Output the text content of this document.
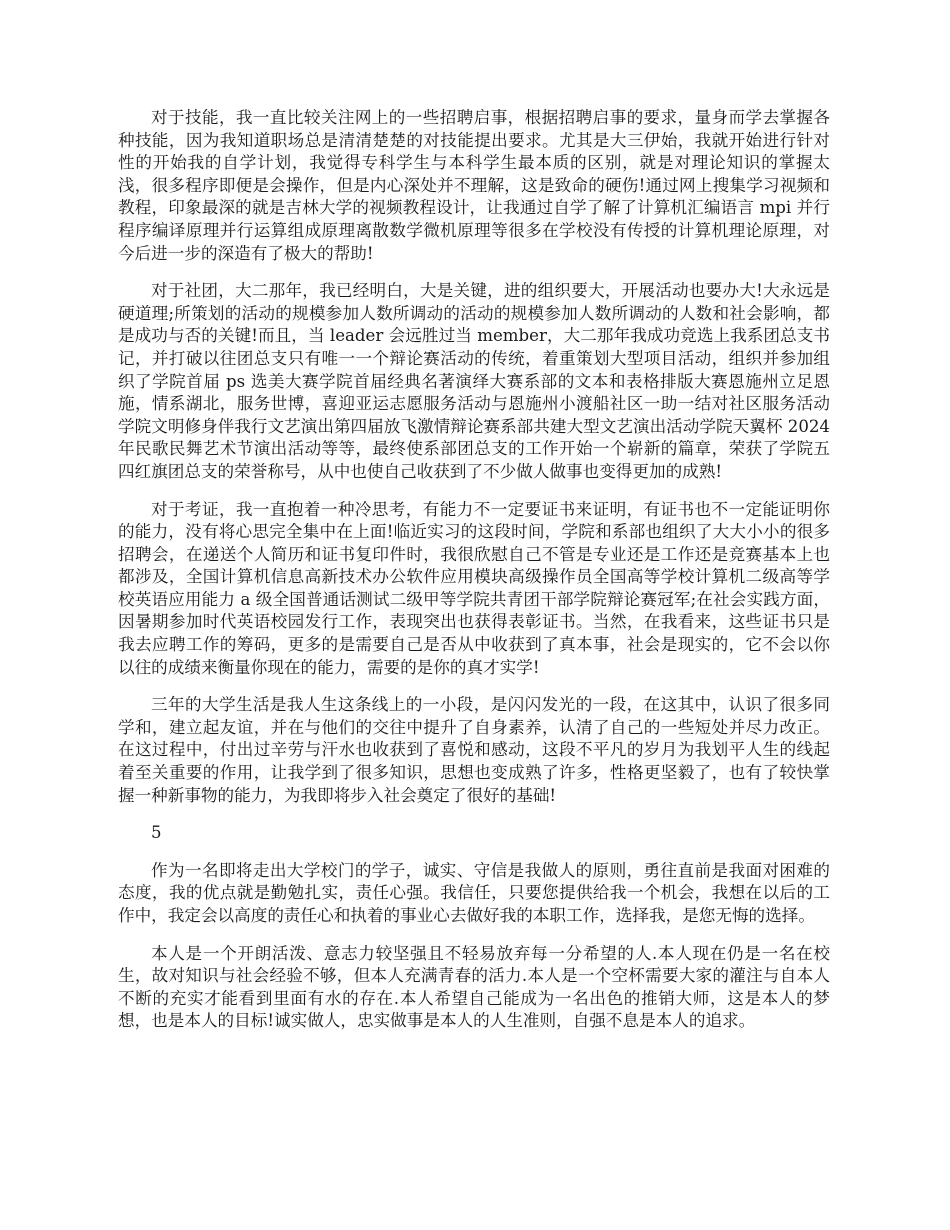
对于技能，我一直比较关注网上的一些招聘启事，根据招聘启事的要求，量身而学去掌握各种技能，因为我知道职场总是清清楚楚的对技能提出要求。尤其是大三伊始，我就开始进行针对性的开始我的自学计划，我觉得专科学生与本科学生最本质的区别，就是对理论知识的掌握太浅，很多程序即便是会操作，但是内心深处并不理解，这是致命的硬伤!通过网上搜集学习视频和教程，印象最深的就是吉林大学的视频教程设计，让我通过自学了解了计算机汇编语言 mpi 并行程序编译原理并行运算组成原理离散数学微机原理等很多在学校没有传授的计算机理论原理，对今后进一步的深造有了极大的帮助!

对于社团，大二那年，我已经明白，大是关键，进的组织要大，开展活动也要办大!大永远是硬道理;所策划的活动的规模参加人数所调动的活动的规模参加人数所调动的人数和社会影响，都是成功与否的关键!而且，当 leader 会远胜过当 member，大二那年我成功竞选上我系团总支书记，并打破以往团总支只有唯一一个辩论赛活动的传统，着重策划大型项目活动，组织并参加组织了学院首届 ps 选美大赛学院首届经典名著演绎大赛系部的文本和表格排版大赛恩施州立足恩施，情系湖北，服务世博，喜迎亚运志愿服务活动与恩施州小渡船社区一助一结对社区服务活动学院文明修身伴我行文艺演出第四届放飞激情辩论赛系部共建大型文艺演出活动学院天翼杯 2024 年民歌民舞艺术节演出活动等等，最终使系部团总支的工作开始一个崭新的篇章，荣获了学院五四红旗团总支的荣誉称号，从中也使自己收获到了不少做人做事也变得更加的成熟!

对于考证，我一直抱着一种冷思考，有能力不一定要证书来证明，有证书也不一定能证明你的能力，没有将心思完全集中在上面!临近实习的这段时间，学院和系部也组织了大大小小的很多招聘会，在递送个人简历和证书复印件时，我很欣慰自己不管是专业还是工作还是竞赛基本上也都涉及，全国计算机信息高新技术办公软件应用模块高级操作员全国高等学校计算机二级高等学校英语应用能力 a 级全国普通话测试二级甲等学院共青团干部学院辩论赛冠军;在社会实践方面，因暑期参加时代英语校园发行工作，表现突出也获得表彰证书。当然，在我看来，这些证书只是我去应聘工作的筹码，更多的是需要自己是否从中收获到了真本事，社会是现实的，它不会以你以往的成绩来衡量你现在的能力，需要的是你的真才实学!

三年的大学生活是我人生这条线上的一小段，是闪闪发光的一段，在这其中，认识了很多同学和，建立起友谊，并在与他们的交往中提升了自身素养，认清了自己的一些短处并尽力改正。在这过程中，付出过辛劳与汗水也收获到了喜悦和感动，这段不平凡的岁月为我划平人生的线起着至关重要的作用，让我学到了很多知识，思想也变成熟了许多，性格更坚毅了，也有了较快掌握一种新事物的能力，为我即将步入社会奠定了很好的基础!

5

作为一名即将走出大学校门的学子，诚实、守信是我做人的原则，勇往直前是我面对困难的态度，我的优点就是勤勉扎实，责任心强。我信任，只要您提供给我一个机会，我想在以后的工作中，我定会以高度的责任心和执着的事业心去做好我的本职工作，选择我，是您无悔的选择。

本人是一个开朗活泼、意志力较坚强且不轻易放弃每一分希望的人.本人现在仍是一名在校生，故对知识与社会经验不够，但本人充满青春的活力.本人是一个空杯需要大家的灌注与自本人不断的充实才能看到里面有水的存在.本人希望自己能成为一名出色的推销大师，这是本人的梦想，也是本人的目标!诚实做人，忠实做事是本人的人生准则，自强不息是本人的追求。
